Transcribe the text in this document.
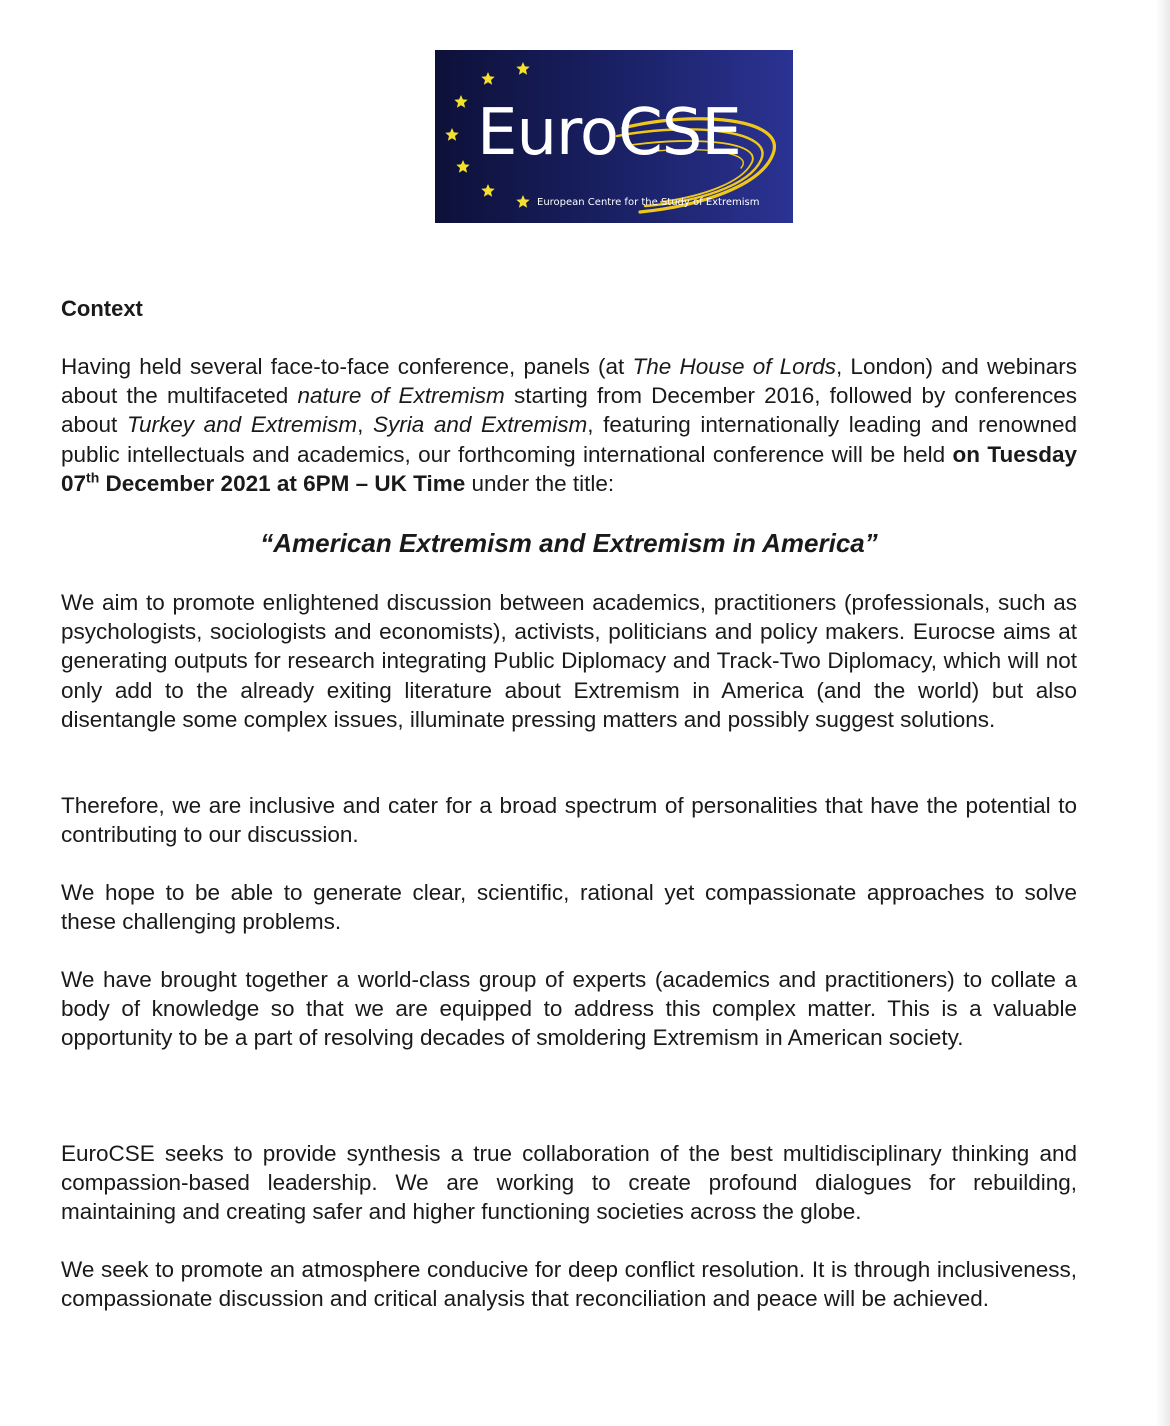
EuroCSE
European Centre for the Study of Extremism
Context

Having held several face-to-face conference, panels (at The House of Lords, London) and webinars about the multifaceted nature of Extremism starting from December 2016, followed by conferences about Turkey and Extremism, Syria and Extremism, featuring internationally leading and renowned public intellectuals and academics, our forthcoming international conference will be held on Tuesday 07th December 2021 at 6PM – UK Time under the title:

“American Extremism and Extremism in America”

We aim to promote enlightened discussion between academics, practitioners (professionals, such as psychologists, sociologists and economists), activists, politicians and policy makers. Eurocse aims at generating outputs for research integrating Public Diplomacy and Track-Two Diplomacy, which will not only add to the already exiting literature about Extremism in America (and the world) but also disentangle some complex issues, illuminate pressing matters and possibly suggest solutions.

Therefore, we are inclusive and cater for a broad spectrum of personalities that have the potential to contributing to our discussion.

We hope to be able to generate clear, scientific, rational yet compassionate approaches to solve these challenging problems.

We have brought together a world-class group of experts (academics and practitioners) to collate a body of knowledge so that we are equipped to address this complex matter. This is a valuable opportunity to be a part of resolving decades of smoldering Extremism in American society.

EuroCSE seeks to provide synthesis a true collaboration of the best multidisciplinary thinking and compassion-based leadership. We are working to create profound dialogues for rebuilding, maintaining and creating safer and higher functioning societies across the globe.

We seek to promote an atmosphere conducive for deep conflict resolution. It is through inclusiveness, compassionate discussion and critical analysis that reconciliation and peace will be achieved.
